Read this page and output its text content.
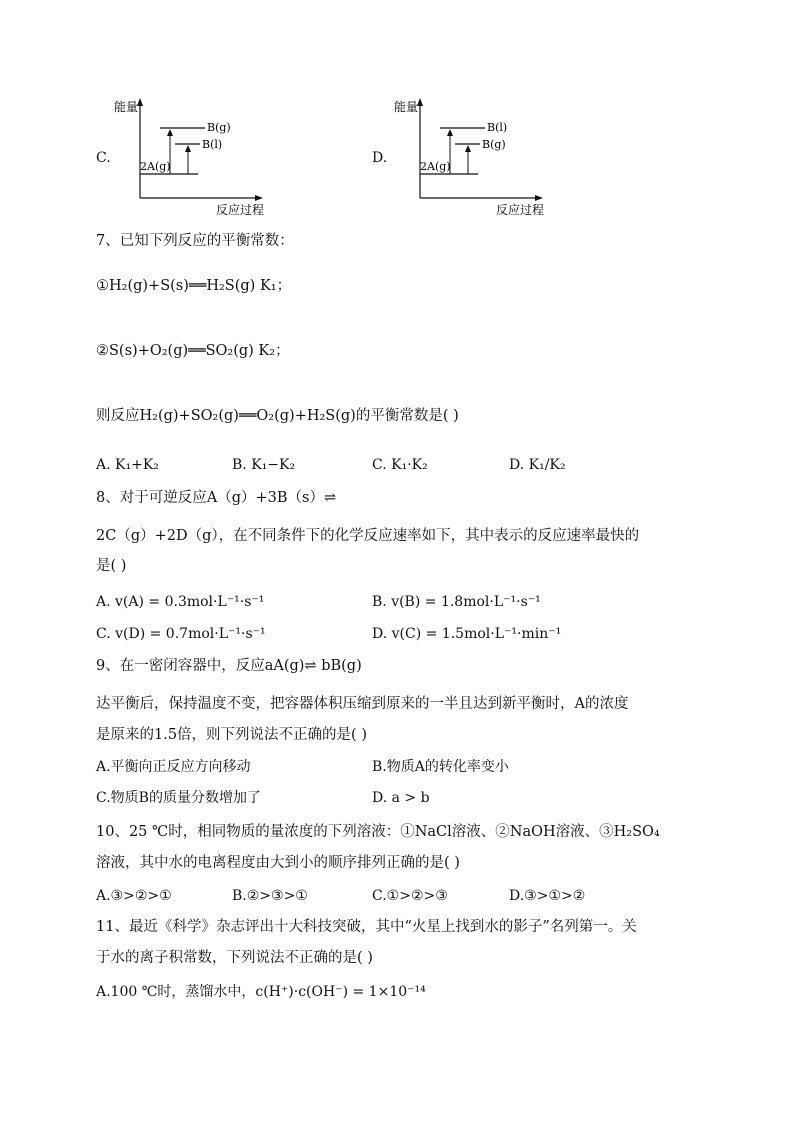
C.
能量
反应过程
2A(g)
B(g)
B(l)
D.
能量
反应过程
2A(g)
B(l)
B(g)
7、已知下列反应的平衡常数：
①H₂(g)+S(s)══H₂S(g) K₁；
②S(s)+O₂(g)══SO₂(g) K₂；
则反应H₂(g)+SO₂(g)══O₂(g)+H₂S(g)的平衡常数是( )
A. K₁+K₂	B. K₁−K₂	C. K₁·K₂	D. K₁/K₂
8、对于可逆反应A（g）+3B（s）⇌
2C（g）+2D（g），在不同条件下的化学反应速率如下，其中表示的反应速率最快的
是( )
A. v(A) = 0.3mol·L⁻¹·s⁻¹	B. v(B) = 1.8mol·L⁻¹·s⁻¹
C. v(D) = 0.7mol·L⁻¹·s⁻¹	D. v(C) = 1.5mol·L⁻¹·min⁻¹
9、在一密闭容器中，反应aA(g)⇌ bB(g)
达平衡后，保持温度不变，把容器体积压缩到原来的一半且达到新平衡时，A的浓度
是原来的1.5倍，则下列说法不正确的是( )
A.平衡向正反应方向移动	B.物质A的转化率变小
C.物质B的质量分数增加了	D. a > b
10、25 ℃时，相同物质的量浓度的下列溶液：①NaCl溶液、②NaOH溶液、③H₂SO₄
溶液，其中水的电离程度由大到小的顺序排列正确的是( )
A.③>②>①	B.②>③>①	C.①>②>③	D.③>①>②
11、最近《科学》杂志评出十大科技突破，其中“火星上找到水的影子”名列第一。关
于水的离子积常数，下列说法不正确的是( )
A.100 ℃时，蒸馏水中，c(H⁺)·c(OH⁻) = 1×10⁻¹⁴
